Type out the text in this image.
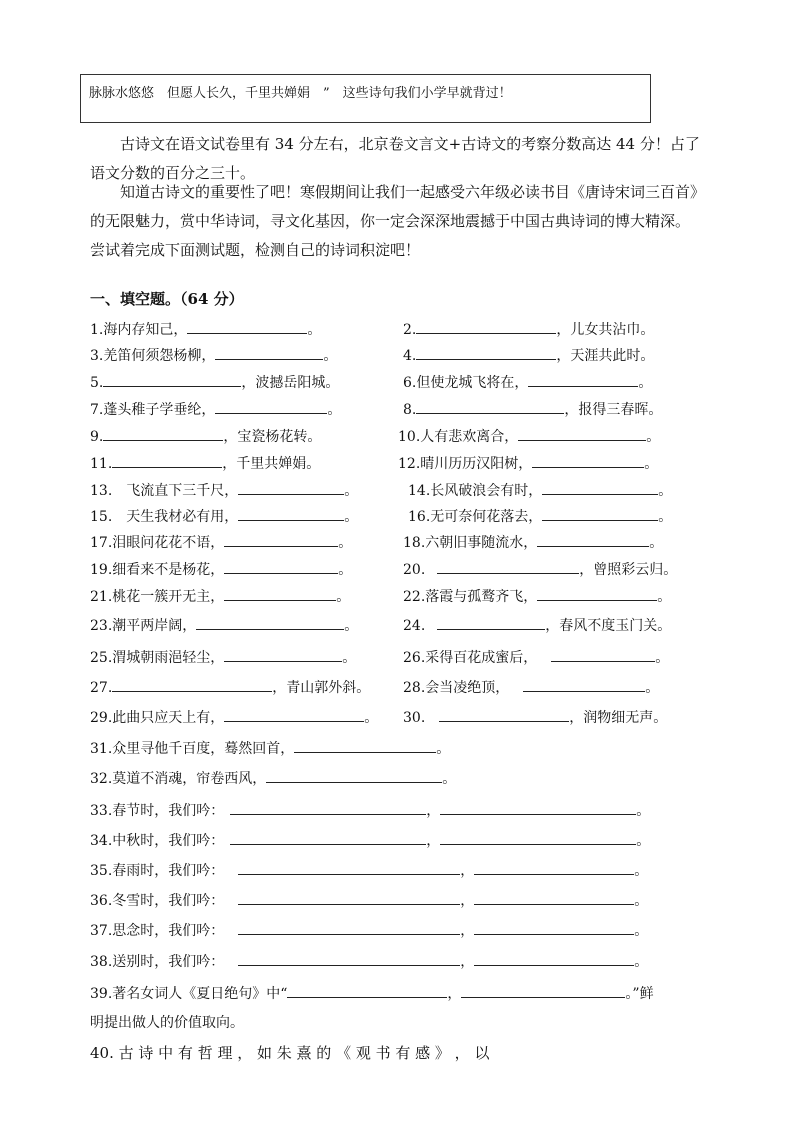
脉脉水悠悠　但愿人长久，千里共婵娟　”　这些诗句我们小学早就背过！

古诗文在语文试卷里有 34 分左右，北京卷文言文+古诗文的考察分数高达 44 分！占了语文分数的百分之三十。

知道古诗文的重要性了吧！寒假期间让我们一起感受六年级必读书目《唐诗宋词三百首》的无限魅力，赏中华诗词，寻文化基因，你一定会深深地震撼于中国古典诗词的博大精深。尝试着完成下面测试题，检测自己的诗词积淀吧！

一、填空题。（64 分）
1.海内存知己，	。	2.	，儿女共沾巾。
3.羌笛何须怨杨柳，	。	4.	，天涯共此时。
5.	，波撼岳阳城。	6.但使龙城飞将在，	。
7.蓬头稚子学垂纶，	。	8.	，报得三春晖。
9.	，宝瓷杨花转。	10.人有悲欢离合，	。
11.	，千里共婵娟。	12.晴川历历汉阳树，	。
13.　飞流直下三千尺，	。	14.长风破浪会有时，	。
15.　天生我材必有用，	。	16.无可奈何花落去，	。
17.泪眼问花花不语，	。	18.六朝旧事随流水，	。
19.细看来不是杨花，	。	20.	，曾照彩云归。
21.桃花一簇开无主，	。	22.落霞与孤鹜齐飞，	。
23.潮平两岸阔，	。	24.	，春风不度玉门关。
25.渭城朝雨浥轻尘，	。	26.采得百花成蜜后，	。
27.	，青山郭外斜。 28.会当凌绝顶，	。
29.此曲只应天上有，	。 30.	，润物细无声。
31.众里寻他千百度，蓦然回首，	。
32.莫道不消魂，帘卷西风，	。
33.春节时，我们吟：	，	。
34.中秋时，我们吟：	，	。
35.春雨时，我们吟：	，	。
36.冬雪时，我们吟：	，	。
37.思念时，我们吟：	，	。
38.送别时，我们吟：	，	。
39.著名女词人《夏日绝句》中“	，	。”鲜
明提出做人的价值取向。
40. 古 诗 中 有 哲 理 ， 如 朱 熹 的 《 观 书 有 感 》 ， 以
